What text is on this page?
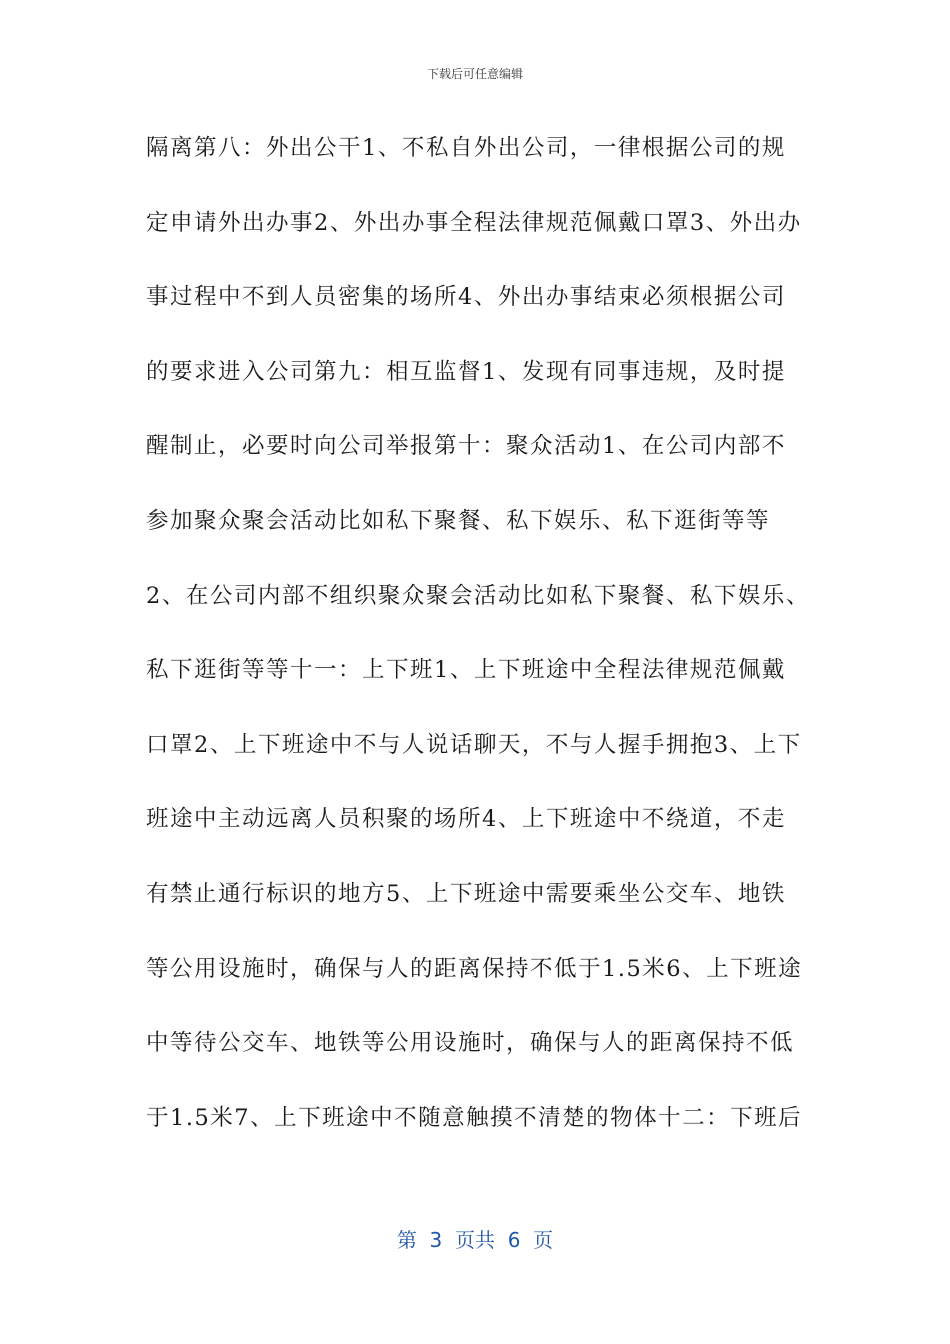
下载后可任意编辑
隔离第八：外出公干1、不私自外出公司，一律根据公司的规
定申请外出办事2、外出办事全程法律规范佩戴口罩3、外出办
事过程中不到人员密集的场所4、外出办事结束必须根据公司
的要求进入公司第九：相互监督1、发现有同事违规，及时提
醒制止，必要时向公司举报第十：聚众活动1、在公司内部不
参加聚众聚会活动比如私下聚餐、私下娱乐、私下逛街等等
2、在公司内部不组织聚众聚会活动比如私下聚餐、私下娱乐、
私下逛街等等十一：上下班1、上下班途中全程法律规范佩戴
口罩2、上下班途中不与人说话聊天，不与人握手拥抱3、上下
班途中主动远离人员积聚的场所4、上下班途中不绕道，不走
有禁止通行标识的地方5、上下班途中需要乘坐公交车、地铁
等公用设施时，确保与人的距离保持不低于1.5米6、上下班途
中等待公交车、地铁等公用设施时，确保与人的距离保持不低
于1.5米7、上下班途中不随意触摸不清楚的物体十二：下班后
第  3  页共  6  页
